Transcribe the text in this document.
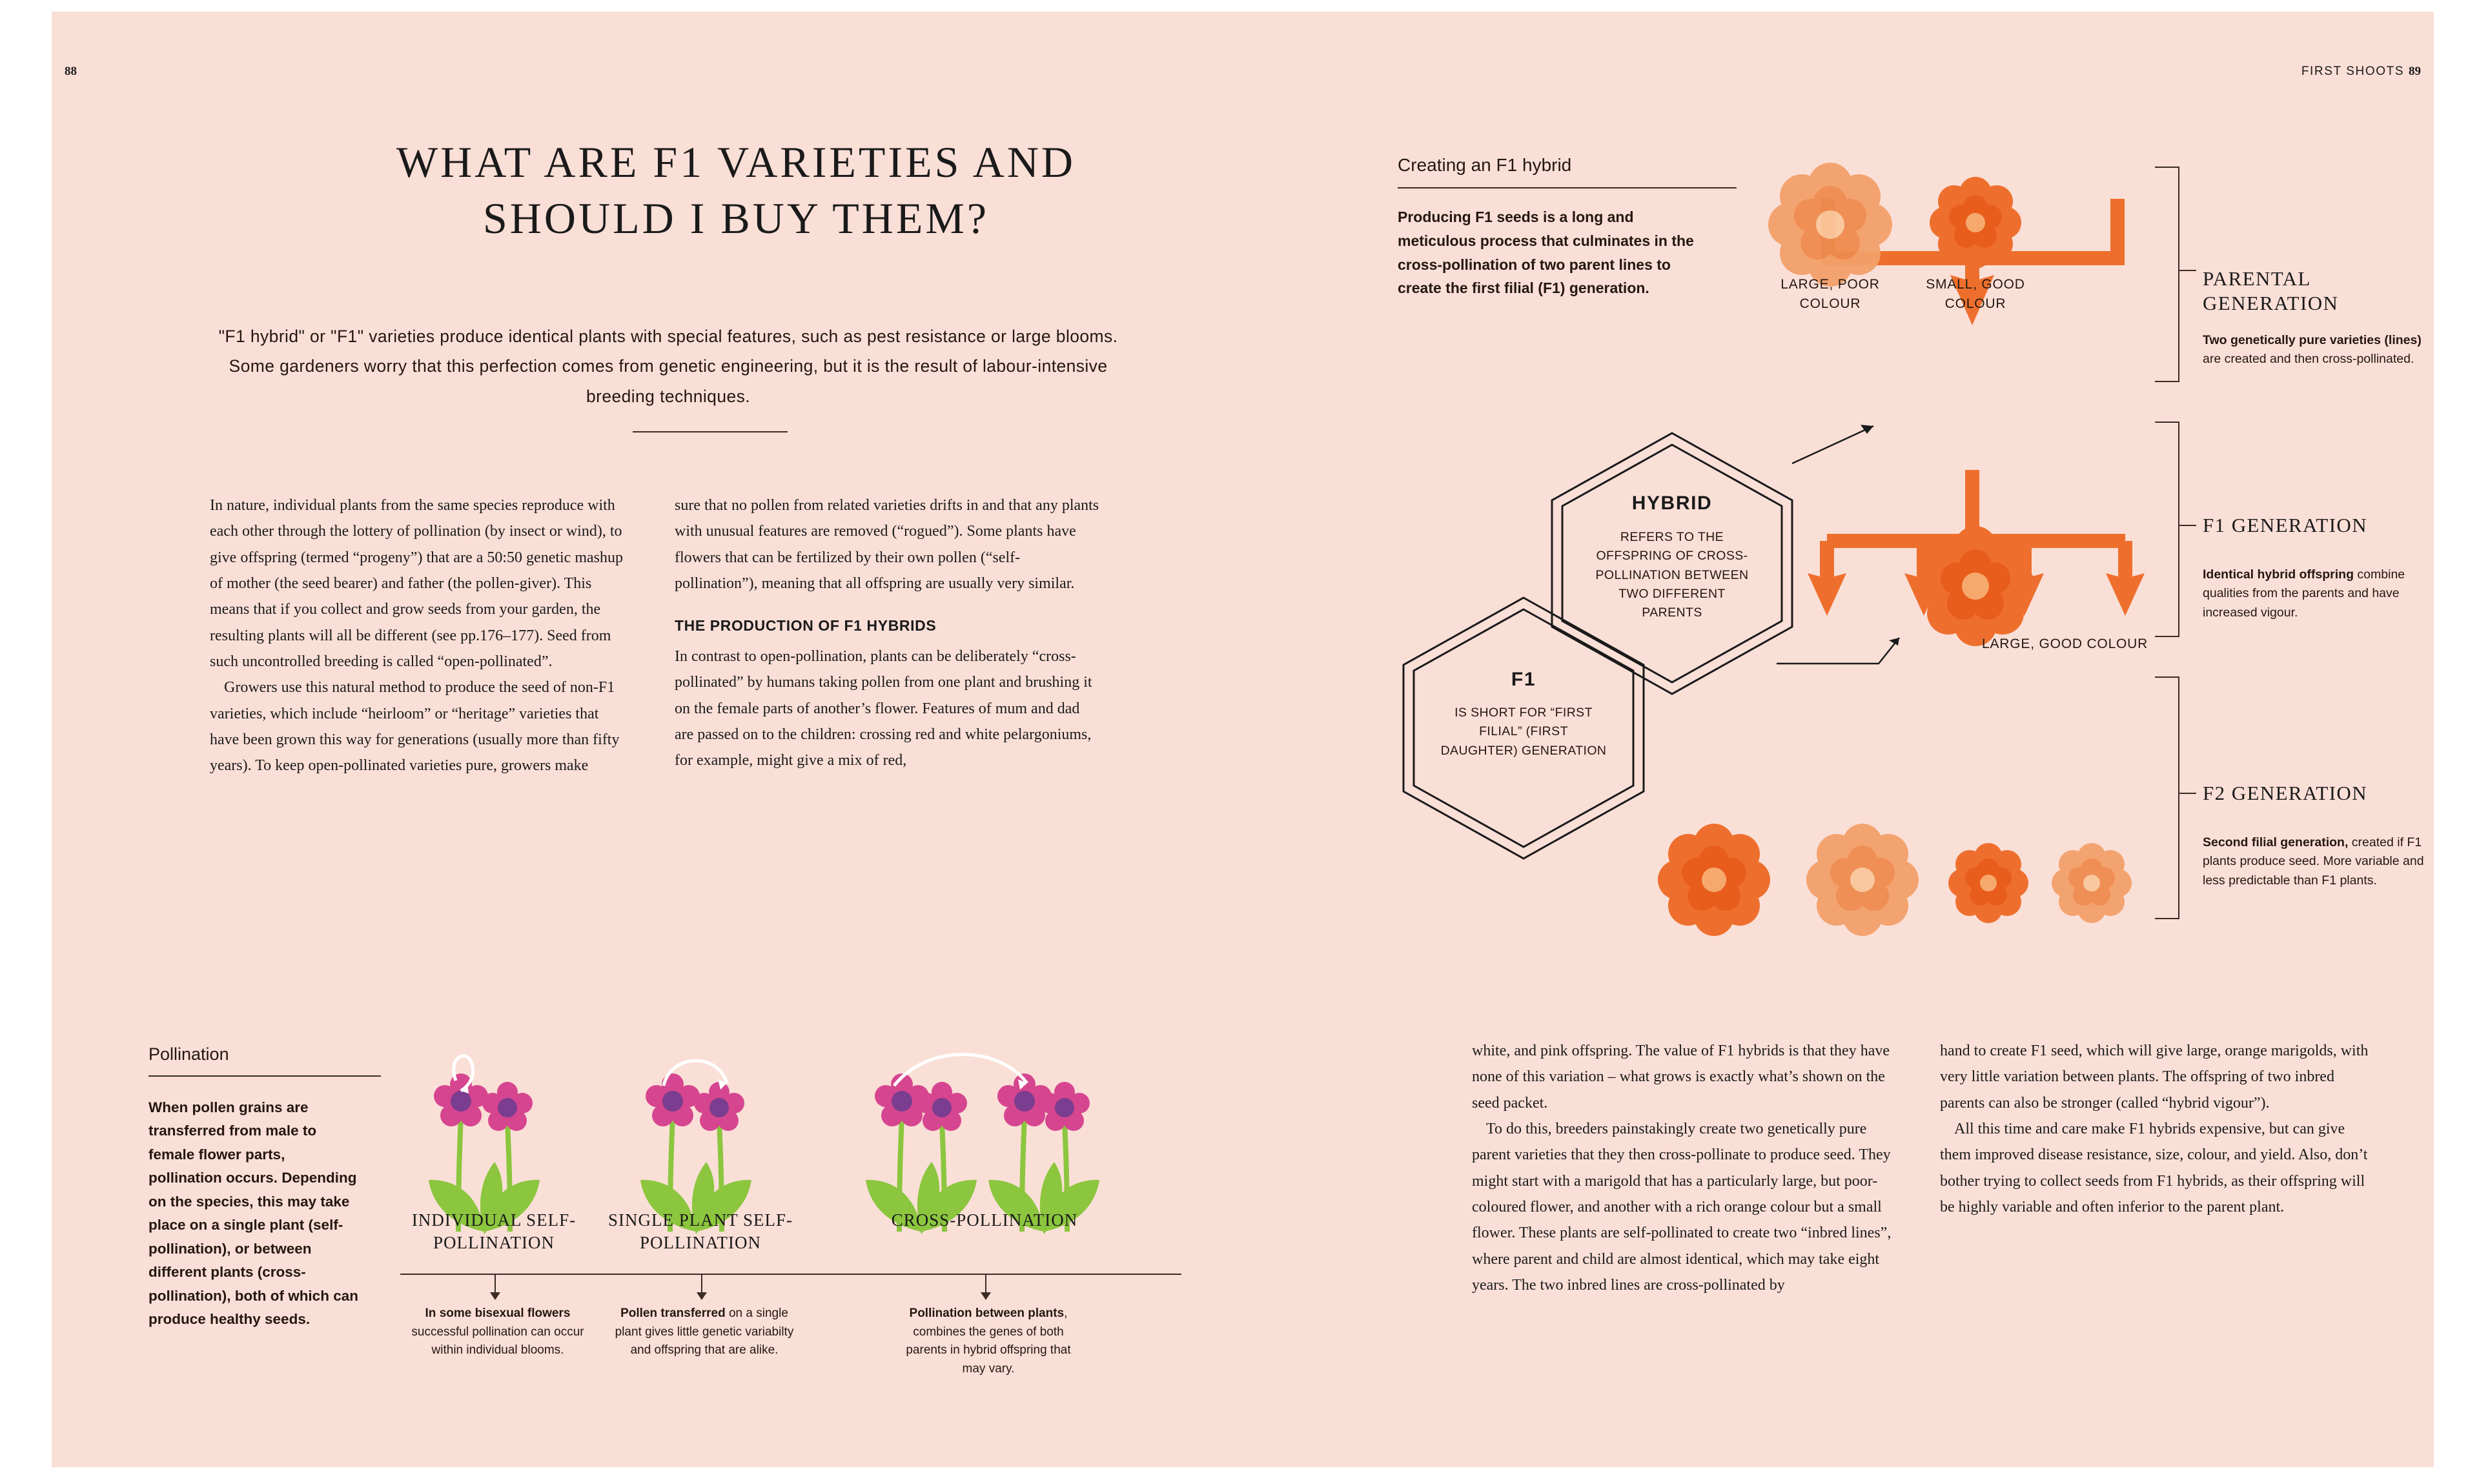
88	FIRST SHOOTS 89
WHAT ARE F1 VARIETIES AND SHOULD I BUY THEM?
"F1 hybrid" or "F1" varieties produce identical plants with special features, such as pest resistance or large blooms. Some gardeners worry that this perfection comes from genetic engineering, but it is the result of labour-intensive breeding techniques.

In nature, individual plants from the same species reproduce with each other through the lottery of pollination (by insect or wind), to give offspring (termed “progeny”) that are a 50:50 genetic mashup of mother (the seed bearer) and father (the pollen-giver). This means that if you collect and grow seeds from your garden, the resulting plants will all be different (see pp.176–177). Seed from such uncontrolled breeding is called “open-pollinated”.

Growers use this natural method to produce the seed of non-F1 varieties, which include “heirloom” or “heritage” varieties that have been grown this way for generations (usually more than fifty years). To keep open-pollinated varieties pure, growers make

sure that no pollen from related varieties drifts in and that any plants with unusual features are removed (“rogued”). Some plants have flowers that can be fertilized by their own pollen (“self-pollination”), meaning that all offspring are usually very similar.

THE PRODUCTION OF F1 HYBRIDS

In contrast to open-pollination, plants can be deliberately “cross-pollinated” by humans taking pollen from one plant and brushing it on the female parts of another’s flower. Features of mum and dad are passed on to the children: crossing red and white pelargoniums, for example, might give a mix of red,

Pollination
When pollen grains are transferred from male to female flower parts, pollination occurs. Depending on the species, this may take place on a single plant (self-pollination), or between different plants (cross-pollination), both of which can produce healthy seeds.
INDIVIDUAL SELF-POLLINATION
SINGLE PLANT SELF-POLLINATION
CROSS-POLLINATION
In some bisexual flowers successful pollination can occur within individual blooms.
Pollen transferred on a single plant gives little genetic variabilty and offspring that are alike.
Pollination between plants, combines the genes of both parents in hybrid offspring that may vary.
Creating an F1 hybrid
Producing F1 seeds is a long and meticulous process that culminates in the cross-pollination of two parent lines to create the first filial (F1) generation.	LARGE, POOR COLOUR
SMALL, GOOD COLOUR
LARGE, GOOD COLOUR
HYBRID
REFERS TO THE OFFSPRING OF CROSS-POLLINATION BETWEEN TWO DIFFERENT PARENTS
F1
IS SHORT FOR “FIRST FILIAL” (FIRST DAUGHTER) GENERATION
PARENTAL GENERATION
Two genetically pure varieties (lines) are created and then cross-pollinated.
F1 GENERATION
Identical hybrid offspring combine qualities from the parents and have increased vigour.
F2 GENERATION
Second filial generation, created if F1 plants produce seed. More variable and less predictable than F1 plants.

white, and pink offspring. The value of F1 hybrids is that they have none of this variation – what grows is exactly what’s shown on the seed packet.

To do this, breeders painstakingly create two genetically pure parent varieties that they then cross-pollinate to produce seed. They might start with a marigold that has a particularly large, but poor-coloured flower, and another with a rich orange colour but a small flower. These plants are self-pollinated to create two “inbred lines”, where parent and child are almost identical, which may take eight years. The two inbred lines are cross-pollinated by

hand to create F1 seed, which will give large, orange marigolds, with very little variation between plants. The offspring of two inbred parents can also be stronger (called “hybrid vigour”).

All this time and care make F1 hybrids expensive, but can give them improved disease resistance, size, colour, and yield. Also, don’t bother trying to collect seeds from F1 hybrids, as their offspring will be highly variable and often inferior to the parent plant.
